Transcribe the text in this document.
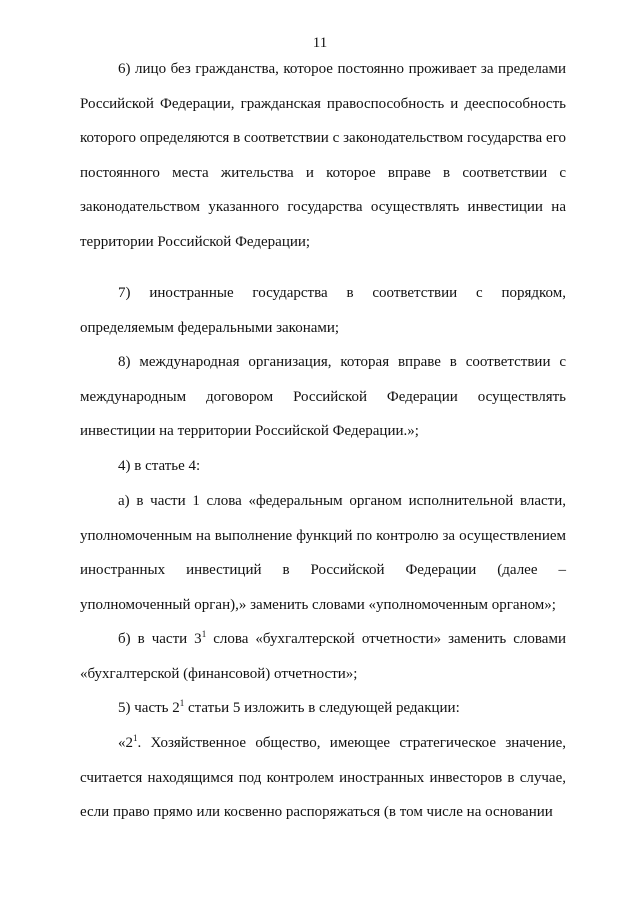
11

6) лицо без гражданства, которое постоянно проживает за пределами Российской Федерации, гражданская правоспособность и дееспособность которого определяются в соответствии с законодательством государства его постоянного места жительства и которое вправе в соответствии с законодательством указанного государства осуществлять инвестиции на территории Российской Федерации;

7) иностранные государства в соответствии с порядком, определяемым федеральными законами;

8) международная организация, которая вправе в соответствии с международным договором Российской Федерации осуществлять инвестиции на территории Российской Федерации.»;

4) в статье 4:

а) в части 1 слова «федеральным органом исполнительной власти, уполномоченным на выполнение функций по контролю за осуществлением иностранных инвестиций в Российской Федерации (далее – уполномоченный орган),» заменить словами «уполномоченным органом»;

б) в части $3^1$ слова «бухгалтерской отчетности» заменить словами «бухгалтерской (финансовой) отчетности»;

5) часть $2^1$ статьи 5 изложить в следующей редакции:

«$2^1$. Хозяйственное общество, имеющее стратегическое значение, считается находящимся под контролем иностранных инвесторов в случае, если право прямо или косвенно распоряжаться (в том числе на основании
